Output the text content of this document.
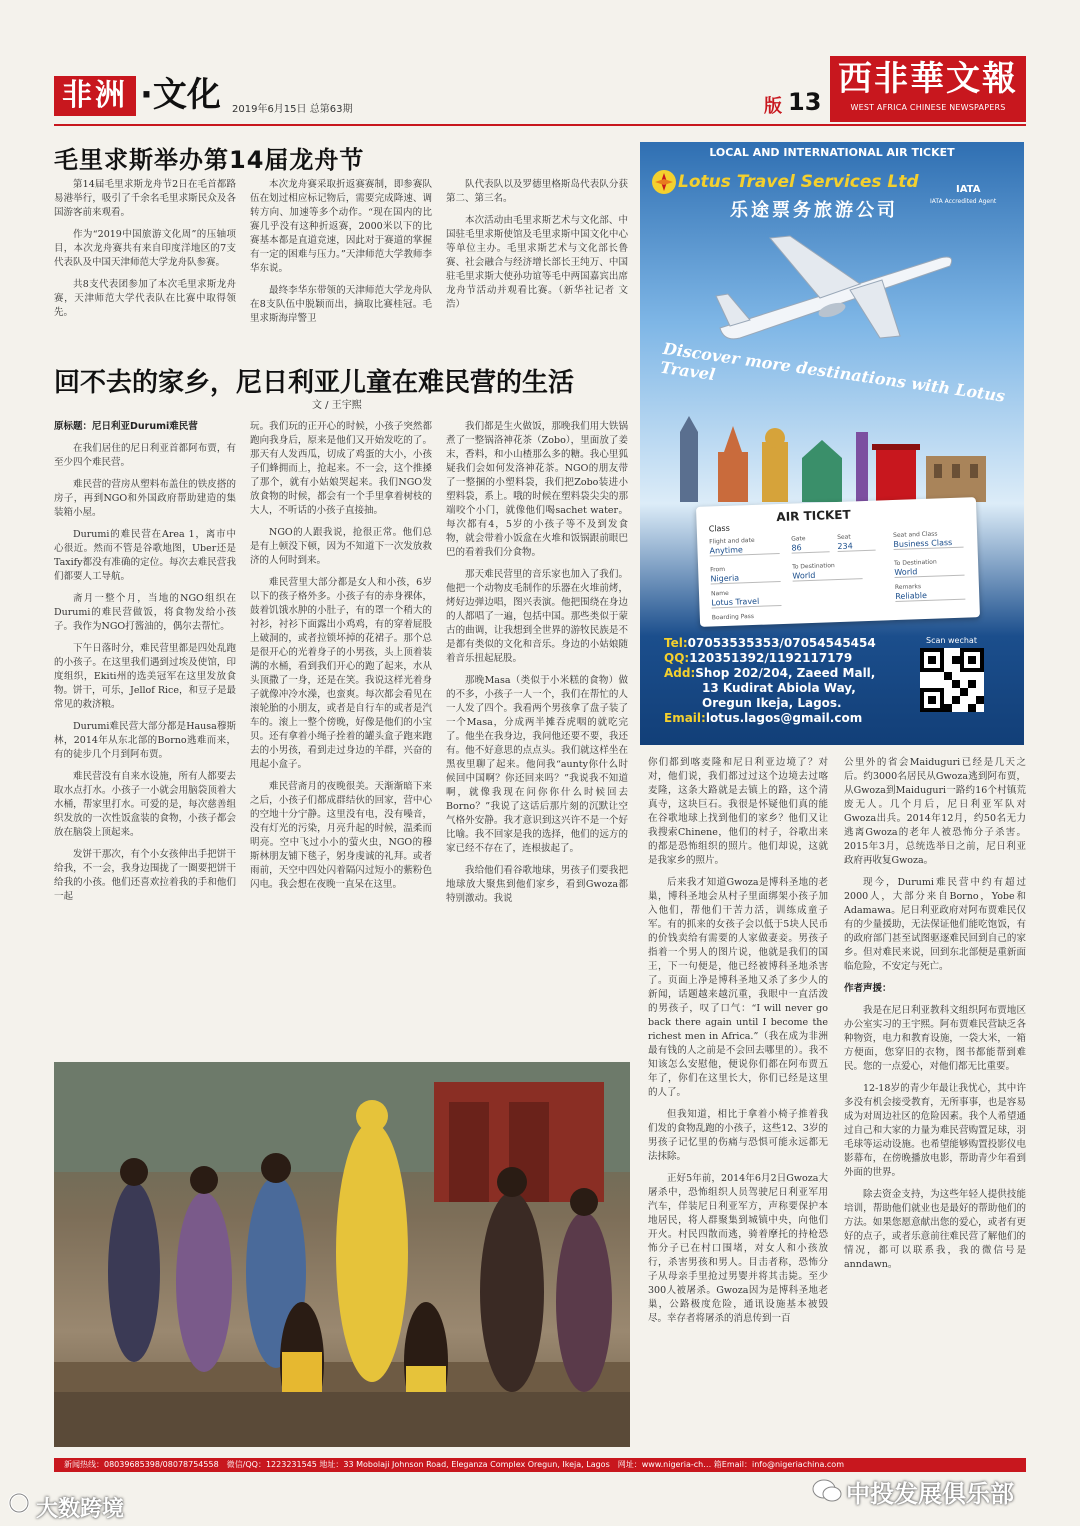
非洲 ·文化 2019年6月15日 总第63期	版 13
西非華文報
WEST AFRICA CHINESE NEWSPAPERS
毛里求斯举办第14届龙舟节

第14届毛里求斯龙舟节2日在毛首都路易港举行，吸引了千余名毛里求斯民众及各国游客前来观看。

作为“2019中国旅游文化周”的压轴项目，本次龙舟赛共有来自印度洋地区的7支代表队及中国天津师范大学龙舟队参赛。

共8支代表团参加了本次毛里求斯龙舟赛，天津师范大学代表队在比赛中取得领先。

本次龙舟赛采取折返赛赛制，即参赛队伍在划过相应标记物后，需要完成降速、调转方向、加速等多个动作。“现在国内的比赛几乎没有这种折返赛，2000米以下的比赛基本都是直道竞速，因此对于赛道的掌握有一定的困难与压力。”天津师范大学教师李华东说。

最终李华东带领的天津师范大学龙舟队在8支队伍中脱颖而出，摘取比赛桂冠。毛里求斯海岸警卫

队代表队以及罗德里格斯岛代表队分获第二、第三名。

本次活动由毛里求斯艺术与文化部、中国驻毛里求斯使馆及毛里求斯中国文化中心等单位主办。毛里求斯艺术与文化部长鲁赛、社会融合与经济增长部长王纯万、中国驻毛里求斯大使孙功谊等毛中两国嘉宾出席龙舟节活动并观看比赛。（新华社记者 文浩）

回不去的家乡，尼日利亚儿童在难民营的生活
文 / 王宇熙

原标题：尼日利亚Durumi难民营

在我们居住的尼日利亚首都阿布贾，有至少四个难民营。

难民营的营房从塑料布盖住的铁皮搭的房子，再到NGO和外国政府帮助建造的集装箱小屋。

Durumi的难民营在Area 1，离市中心很近。然而不管是谷歌地图，Uber还是Taxify都没有准确的定位。每次去难民营我们都要人工导航。

斋月一整个月，当地的NGO组织在Durumi的难民营做饭，将食物发给小孩子。我作为NGO打酱油的，偶尔去帮忙。

下午日落时分，难民营里都是四处乱跑的小孩子。在这里我们遇到过埃及使馆，印度组织，Ekiti州的选美冠军在这里发放食物。饼干，可乐，Jellof Rice，和豆子是最常见的救济粮。

Durumi难民营大部分都是Hausa穆斯林，2014年从东北部的Borno逃难而来，有的徒步几个月到阿布贾。

难民营没有自来水设施，所有人都要去取水点打水。小孩子一小就会用脑袋顶着大水桶，帮家里打水。可爱的是，每次慈善组织发放的一次性饭盒装的食物，小孩子都会放在脑袋上顶起来。

发饼干那次，有个小女孩伸出手把饼干给我，不一会，我身边围拢了一圈要把饼干给我的小孩。他们还喜欢拉着我的手和他们一起

玩。我们玩的正开心的时候，小孩子突然都跑向我身后，原来是他们又开始发吃的了。那天有人发西瓜，切成了鸡蛋的大小，小孩子们蜂拥而上，抢起来。不一会，这个推搡了那个，就有小姑娘哭起来。我们NGO发放食物的时候，都会有一个手里拿着树枝的大人，不听话的小孩子直接抽。

NGO的人跟我说，抢很正常。他们总是有上顿没下顿，因为不知道下一次发放救济的人何时到来。

难民营里大部分都是女人和小孩，6岁以下的孩子格外多。小孩子有的赤身裸体，鼓着饥饿水肿的小肚子，有的罩一个稍大的衬衫，衬衫下面露出小鸡鸡，有的穿着屁股上破洞的，或者拉锁坏掉的花裙子。那个总是很开心的光着身子的小男孩，头上顶着装满的水桶，看到我们开心的跑了起来，水从头顶撒了一身，还是在笑。我说这样光着身子就像冲冷水澡，也蛮爽。每次都会看见在滚轮胎的小朋友，或者是自行车的或者是汽车的。滚上一整个傍晚，好像是他们的小宝贝。还有拿着小绳子拴着的罐头盒子跑来跑去的小男孩，看到走过身边的羊群，兴奋的甩起小盒子。

难民营斋月的夜晚很美。天渐渐暗下来之后，小孩子们都成群结伙的回家，营中心的空地十分宁静。这里没有电，没有噪音，没有灯光的污染，月亮升起的时候，温柔而明亮。空中飞过小小的萤火虫，NGO的穆斯林朋友铺下毯子，躬身虔诚的礼拜。或者雨前，天空中四处闪着隔闪过短小的紫粉色闪电。我会想在夜晚一直呆在这里。

我们都是生火做饭，那晚我们用大铁锅煮了一整锅洛神花茶（Zobo），里面放了姜末，香料，和小山楂那么多的糖。我心里狐疑我们会如何发洛神花茶。NGO的朋友带了一整捆的小塑料袋，我们把Zobo装进小塑料袋，系上。哦的时候在塑料袋尖尖的那端咬个小门，就像他们喝sachet water。每次都有4，5岁的小孩子等不及到发食物，就会带着小饭盒在火堆和饭锅跟前眼巴巴的看着我们分食物。

那天难民营里的音乐家也加入了我们。他把一个动物皮毛制作的乐器在火堆前烤，烤好边弹边唱，图兴表演。他把围绕在身边的人都唱了一遍，包括中国。那些类似于蒙古的曲调，让我想到全世界的游牧民族是不是都有类似的文化和音乐。身边的小姑娘随着音乐扭起屁股。

那晚Masa（类似于小米糕的食物）做的不多，小孩子一人一个，我们在帮忙的人一人发了四个。我看两个男孩拿了盘子装了一个Masa，分成两半摊吞虎咽的就吃完了。他坐在我身边，我问他还要不要，我还有。他不好意思的点点头。我们就这样坐在黑夜里聊了起来。他问我“aunty你什么时候回中国啊？你还回来吗？”我说我不知道啊，就像我现在问你你什么时候回去Borno？”我说了这话后那片刻的沉默让空气格外安静。我才意识到这兴许不是一个好比喻。我不回家是我的选择，他们的远方的家已经不存在了，连根拔起了。

我给他们看谷歌地球，男孩子们要我把地球放大聚焦到他们家乡，看到Gwoza都特别激动。我说

你们都到喀麦隆和尼日利亚边境了？对对，他们说，我们都过过这个边境去过喀麦隆，这条大路就是去镇上的路，这个清真寺，这块巨石。我很是怀疑他们真的能在谷歌地球上找到他们的家乡？他们又让我搜索Chinene，他们的村子，谷歌出来的都是恐怖组织的照片。他们却说，这就是我家乡的照片。

后来我才知道Gwoza是博科圣地的老巢，博科圣地会从村子里面绑架小孩子加入他们，帮他们干苦力活，训练成童子军。有的抓来的女孩子会以低于5块人民币的价钱卖给有需要的人家做妻妾。男孩子指着一个男人的图片说，他就是我们的国王，下一句便是，他已经被博科圣地杀害了。页面上净是博科圣地又杀了多少人的新闻，话题越来越沉重，我眼中一直活泼的男孩子，叹了口气：“I will never go back there again until I become the richest men in Africa.”（我在成为非洲最有钱的人之前是不会回去哪里的）。我不知该怎么安慰他，便说你们都在阿布贾五年了，你们在这里长大，你们已经是这里的人了。

但我知道，相比于拿着小椅子推着我们发的食物乱跑的小孩子，这些12、3岁的男孩子记忆里的伤痛与恐惧可能永远都无法抹除。

正好5年前，2014年6月2日Gwoza大屠杀中，恐怖组织人员驾驶尼日利亚军用汽车，佯装尼日利亚军方，声称要保护本地居民，将人群聚集到城镇中央，向他们开火。村民四散而逃，骑着摩托的持枪恐怖分子已在村口围堵，对女人和小孩放行，杀害男孩和男人。目击者称，恐怖分子从母亲手里抢过男婴并将其击毙。至少300人被屠杀。Gwoza因为是博科圣地老巢，公路极度危险，通讯设施基本被毁尽。幸存者将屠杀的消息传到一百

公里外的省会Maiduguri已经是几天之后。约3000名居民从Gwoza逃到阿布贾，从Gwoza到Maiduguri一路约16个村镇荒废无人。几个月后，尼日利亚军队对Gwoza出兵。2014年12月，约50名无力逃离Gwoza的老年人被恐怖分子杀害。2015年3月，总统选举日之前，尼日利亚政府再收复Gwoza。

现今，Durumi难民营中约有超过2000人，大部分来自Borno，Yobe和Adamawa。尼日利亚政府对阿布贾难民仅有的少量援助，无法保证他们能吃饱饭，有的政府部门甚至试图驱逐难民回到自己的家乡。但对难民来说，回到东北部便是重新面临危险，不安定与死亡。

作者声援：

我是在尼日利亚教科文组织阿布贾地区办公室实习的王宇熙。阿布贾难民营缺乏各种物资，电力和教育设施，一袋大米，一箱方便面，您穿旧的衣物，图书都能帮到难民。您的一点爱心，对他们都无比重要。

12-18岁的青少年最让我忧心，其中许多没有机会接受教育，无所事事，也是容易成为对周边社区的危险因素。我个人希望通过自己和大家的力量为难民营购置足球，羽毛球等运动设施。也希望能够购置投影仪电影幕布，在傍晚播放电影，帮助青少年看到外面的世界。

除去资金支持，为这些年轻人提供技能培训，帮助他们就业也是最好的帮助他们的方法。如果您愿意献出您的爱心，或者有更好的点子，或者乐意前往难民营了解他们的情况，都可以联系我，我的微信号是anndawn。

LOCAL AND INTERNATIONAL AIR TICKET
Lotus Travel Services Ltd
乐途票务旅游公司
IATA
IATA Accredited Agent
Discover more destinations with Lotus Travel
AIR TICKET
Class
Flight and date
Anytime
Gate
86
Seat
234
Seat and Class
Business Class
From
Nigeria
To Destination
World
To Destination
World
Name
Lotus Travel
Boarding Pass
Remarks
Reliable
Tel:07053535353/07054545454
QQ:120351392/1192117179
Add:Shop 202/204, Zaeed Mall,
13 Kudirat Abiola Way,
Oregun Ikeja, Lagos.
Email:lotus.lagos@gmail.com
Scan wechat
新闻热线：08039685398/08078754558　微信/QQ：1223231545 地址：33 Mobolaji Johnson Road, Eleganza Complex Oregun, Ikeja, Lagos　网址：www.nigeria-ch… 箱Email：info@nigeriachina.com
大数跨境
中投发展俱乐部
